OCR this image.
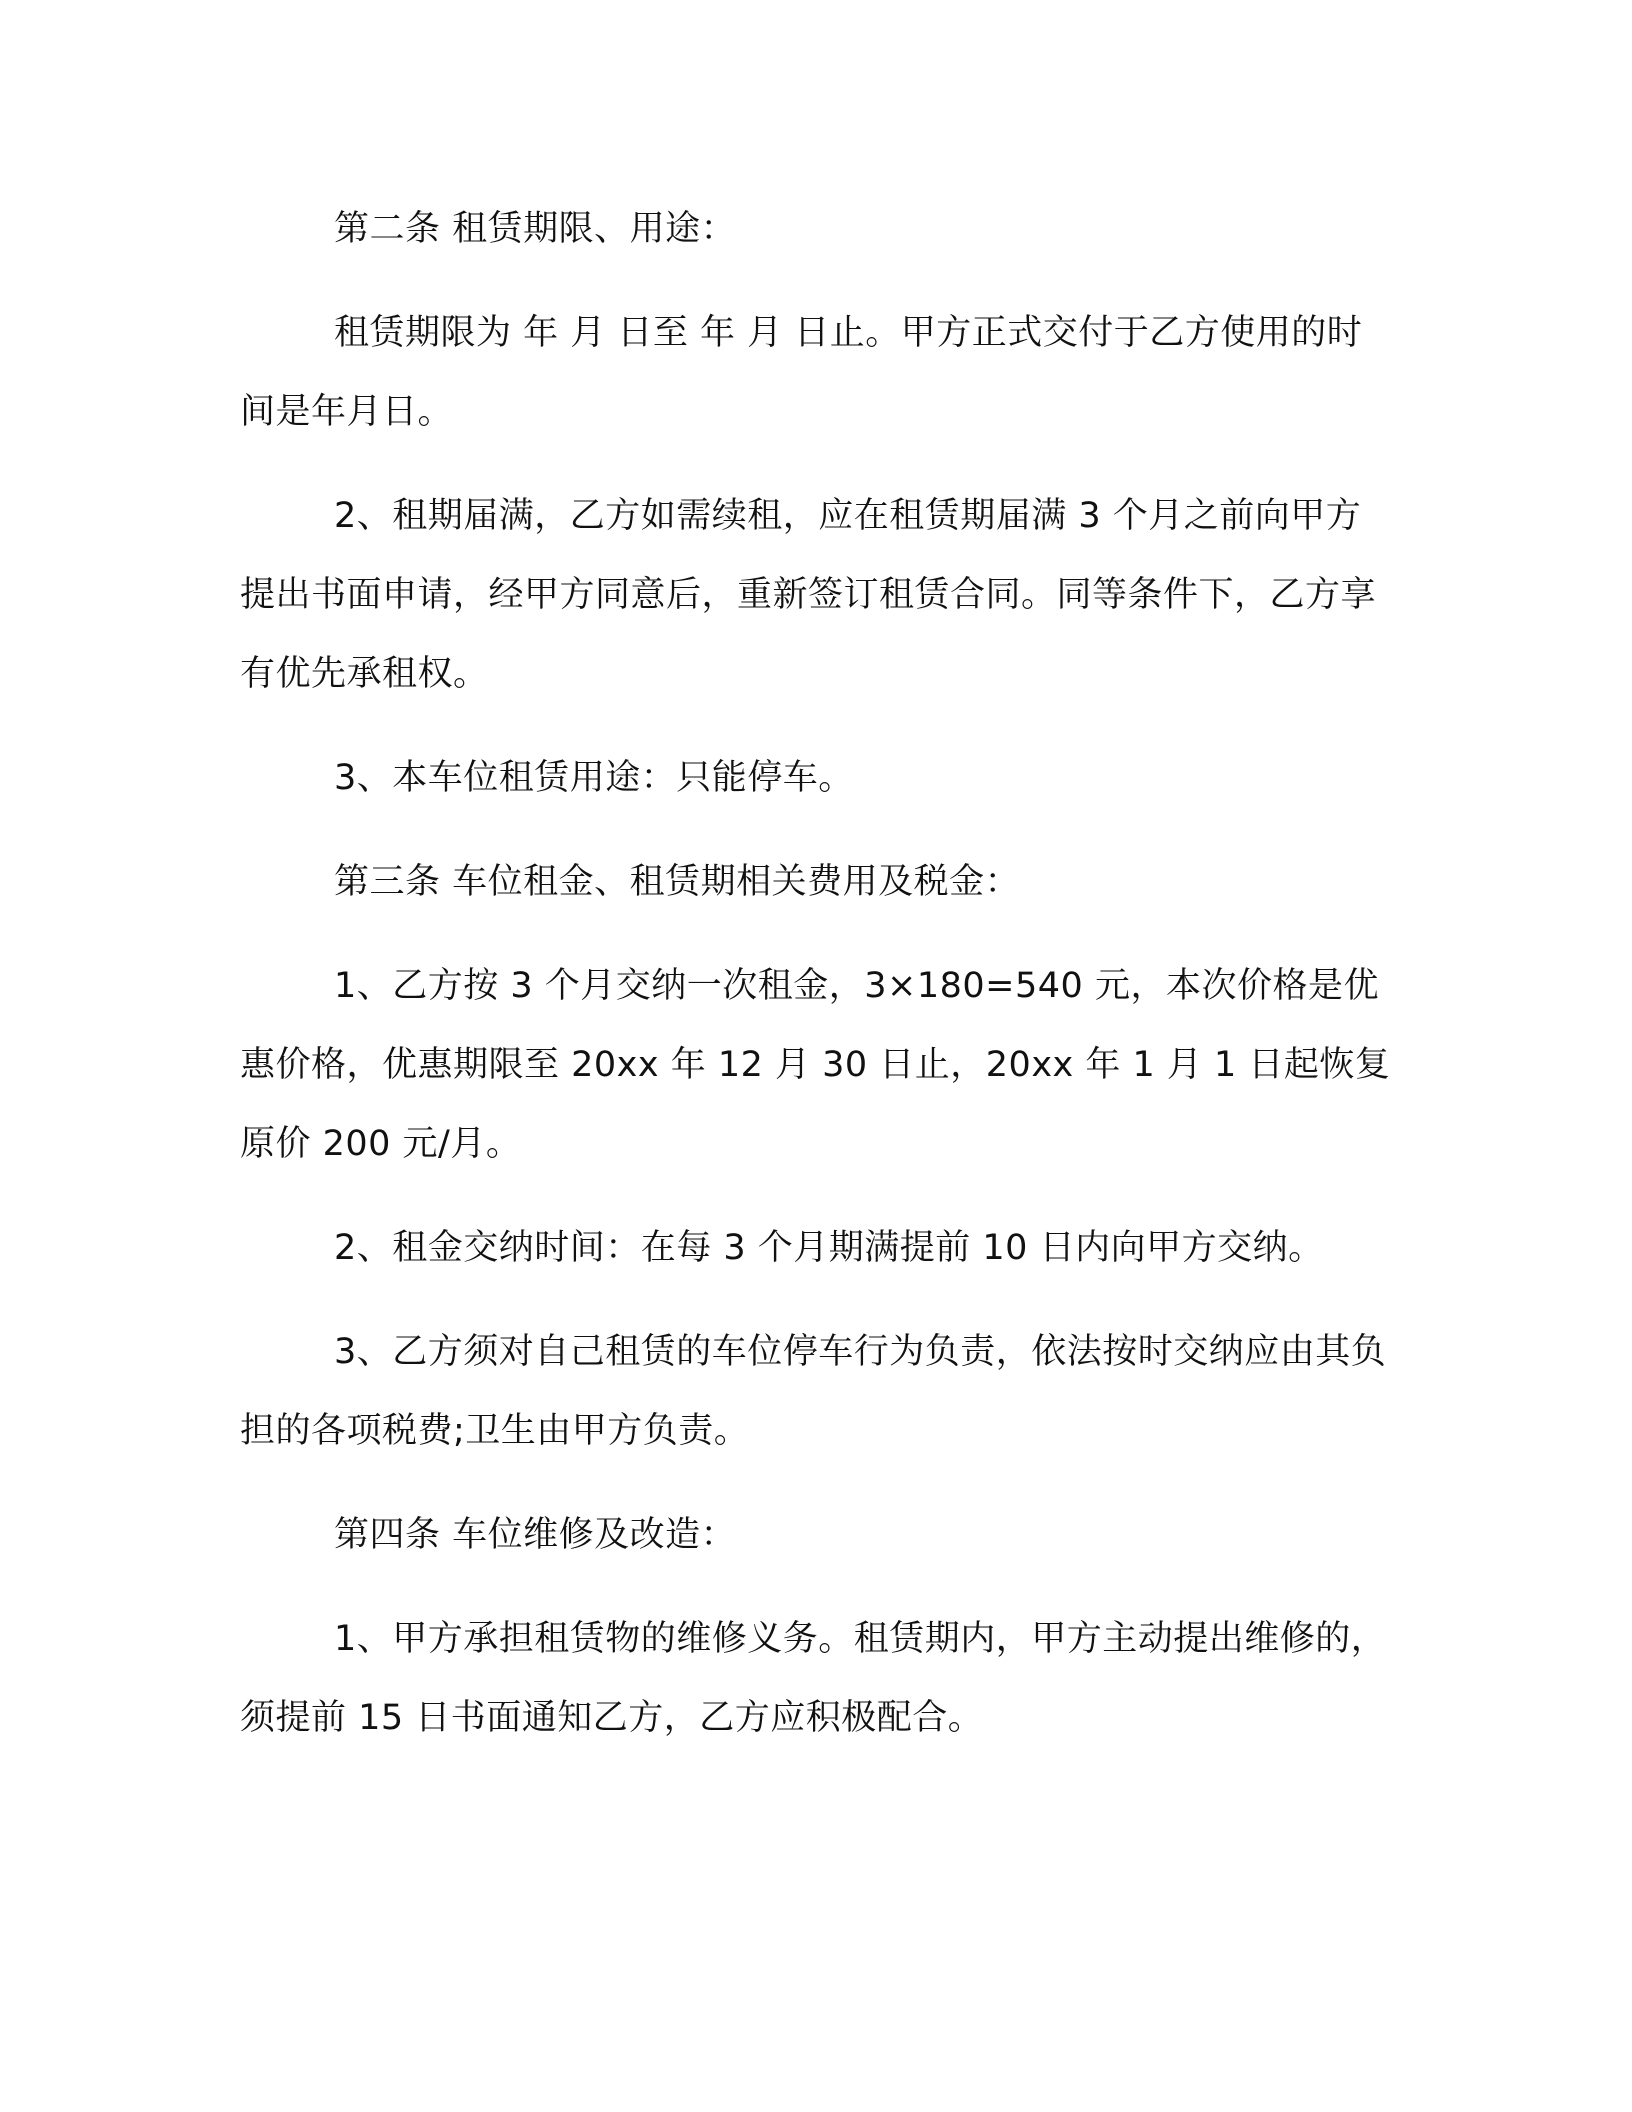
第二条 租赁期限、用途：

租赁期限为 年 月 日至 年 月 日止。甲方正式交付于乙方使用的时间是年月日。

2、租期届满，乙方如需续租，应在租赁期届满 3 个月之前向甲方提出书面申请，经甲方同意后，重新签订租赁合同。同等条件下，乙方享有优先承租权。

3、本车位租赁用途：只能停车。

第三条 车位租金、租赁期相关费用及税金：

1、乙方按 3 个月交纳一次租金，3×180=540 元，本次价格是优惠价格，优惠期限至 20xx 年 12 月 30 日止，20xx 年 1 月 1 日起恢复原价 200 元/月。

2、租金交纳时间：在每 3 个月期满提前 10 日内向甲方交纳。

3、乙方须对自己租赁的车位停车行为负责，依法按时交纳应由其负担的各项税费;卫生由甲方负责。

第四条 车位维修及改造：

1、甲方承担租赁物的维修义务。租赁期内，甲方主动提出维修的，须提前 15 日书面通知乙方，乙方应积极配合。
